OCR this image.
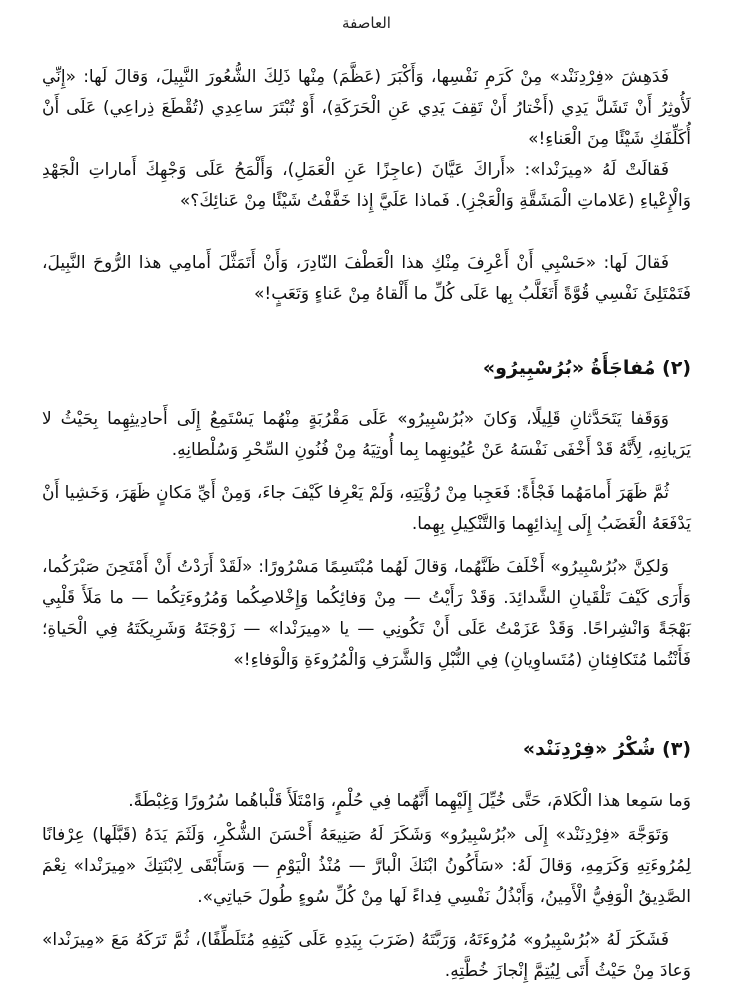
العاصفة

فَدَهِشَ «فِرْدِنَنْد» مِنْ كَرَمِ نَفْسِها، وَأَكْبَرَ (عَظَّمَ) مِنْها ذَلِكَ الشُّعُورَ النَّبِيلَ، وَقالَ لَها: «إِنِّي لَأُوثِرُ أَنْ تَشَلَّ يَدِي (أَخْتارُ أَنْ تَقِفَ يَدِي عَنِ الْحَرَكَةِ)، أَوْ تُبْتَرَ ساعِدِي (تُقْطَعَ ذِراعِي) عَلَى أَنْ أُكَلِّفَكِ شَيْئًا مِنَ الْعَناءِ!»

فَقالَتْ لَهُ «مِيرَنْدا»: «أَراكَ عَيَّانَ (عاجِزًا عَنِ الْعَمَلِ)، وَأَلْمَحُ عَلَى وَجْهِكَ أَماراتِ الْجَهْدِ وَالْإِعْياءِ (عَلاماتِ الْمَشَقَّةِ وَالْعَجْزِ). فَماذا عَلَيَّ إِذا خَفَّفْتُ شَيْئًا مِنْ عَنائِكَ؟»

فَقالَ لَها: «حَسْبِي أَنْ أَعْرِفَ مِنْكِ هذا الْعَطْفَ النّادِرَ، وَأَنْ أَتَمَثَّلَ أَمامِي هذا الرُّوحَ النَّبِيلَ، فَتَمْتَلِئَ نَفْسِي قُوَّةً أَتَغَلَّبُ بِها عَلَى كُلِّ ما أَلْقاهُ مِنْ عَناءٍ وَتَعَبٍ!»

(٢) مُفاجَأَةُ «بُرُسْبِيرُو»

وَوَقَفا يَتَحَدَّثانِ قَلِيلًا، وَكانَ «بُرُسْبِيرُو» عَلَى مَقْرُبَةٍ مِنْهُما يَسْتَمِعُ إِلَى أَحادِيثِهِما بِحَيْثُ لا يَرَيانِهِ، لِأَنَّهُ قَدْ أَخْفَى نَفْسَهُ عَنْ عُيُونِهِما بِما أُوتِيَهُ مِنْ فُنُونِ السِّحْرِ وَسُلْطانِهِ.

ثُمَّ ظَهَرَ أَمامَهُما فَجْأَةً: فَعَجِبا مِنْ رُؤْيَتِهِ، وَلَمْ يَعْرِفا كَيْفَ جاءَ، وَمِنْ أَيِّ مَكانٍ ظَهَرَ، وَخَشِيا أَنْ يَدْفَعَهُ الْغَضَبُ إِلَى إِيذائِهِما وَالتَّنْكِيلِ بِهِما.

وَلكِنَّ «بُرُسْبِيرُو» أَخْلَفَ ظَنَّهُما، وَقالَ لَهُما مُبْتَسِمًا مَسْرُورًا: «لَقَدْ أَرَدْتُ أَنْ أَمْتَحِنَ صَبْرَكُما، وَأَرَى كَيْفَ تَلْقَيانِ الشَّدائِدَ. وَقَدْ رَأَيْتُ — مِنْ وَفائِكُما وَإِخْلاصِكُما وَمُرُوءَتِكُما — ما مَلَأَ قَلْبِي بَهْجَةً وَانْشِراحًا. وَقَدْ عَزَمْتُ عَلَى أَنْ تَكُونِي — يا «مِيرَنْدا» — زَوْجَتَهُ وَشَرِيكَتَهُ فِي الْحَياةِ؛ فَأَنْتُما مُتَكافِئانِ (مُتَساوِيانِ) فِي النُّبْلِ وَالشَّرَفِ وَالْمُرُوءَةِ وَالْوَفاءِ!»

(٣) شُكْرُ «فِرْدِنَنْد»

وَما سَمِعا هذا الْكَلامَ، حَتَّى خُيِّلَ إِلَيْهِما أَنَّهُما فِي حُلْمٍ، وَامْتَلَأَ قَلْباهُما سُرُورًا وَغِبْطَةً.

وَتَوَجَّهَ «فِرْدِنَنْد» إِلَى «بُرُسْبِيرُو» وَشَكَرَ لَهُ صَنِيعَهُ أَحْسَنَ الشُّكْرِ، وَلَثَمَ يَدَهُ (قَبَّلَها) عِرْفانًا لِمُرُوءَتِهِ وَكَرَمِهِ، وَقالَ لَهُ: «سَأَكُونُ ابْنَكَ الْبارَّ — مُنْذُ الْيَوْمِ — وَسَأَبْقَى لِابْنَتِكَ «مِيرَنْدا» نِعْمَ الصَّدِيقُ الْوَفِيُّ الْأَمِينُ، وَأَبْذُلُ نَفْسِي فِداءً لَها مِنْ كُلِّ سُوءٍ طُولَ حَياتِي».

فَشَكَرَ لَهُ «بُرُسْبِيرُو» مُرُوءَتَهُ، وَرَبَّتَهُ (ضَرَبَ بِيَدِهِ عَلَى كَتِفِهِ مُتَلَطِّفًا)، ثُمَّ تَرَكَهُ مَعَ «مِيرَنْدا» وَعادَ مِنْ حَيْثُ أَتَى لِيُتِمَّ إِنْجازَ خُطَّتِهِ.
